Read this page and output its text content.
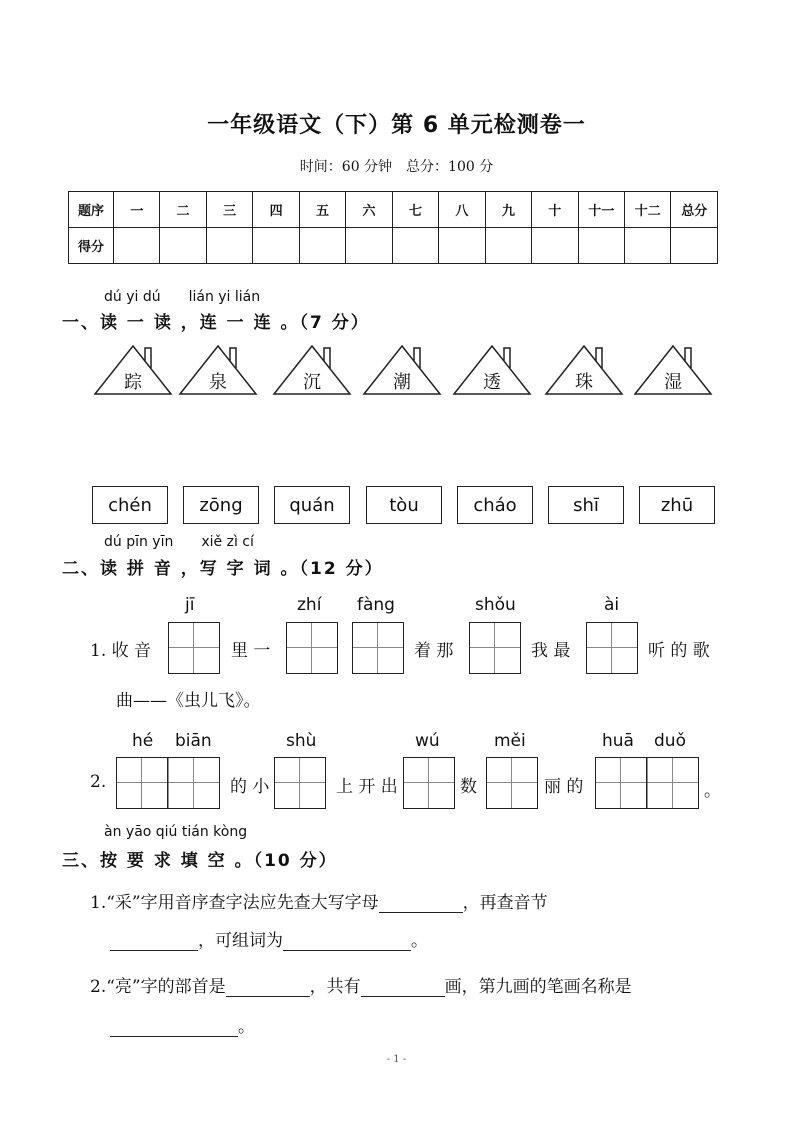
一年级语文（下）第 6 单元检测卷一
时间：60 分钟　总分：100 分
题序	一	二	三	四	五	六	七	八	九	十	十一	十二	总分
得分													
dú yi dú　　lián yi lián
一、读 一 读 ，连 一 连 。（7 分）
踪	泉	沉	潮	透	珠	湿
chén	zōng	quán	tòu	cháo	shī	zhū
dú pīn yīn　　xiě zì cí
二、读 拼 音 ，写 字 词 。（12 分）
jī	zhí fàng	shǒu	ài
1. 收 音	里 一	着 那	我 最	听 的 歌
曲——《虫儿飞》。
hé biān	shù	wú	měi	huā duǒ
2.	的 小	上 开 出	数	丽 的	。
àn yāo qiú tián kòng
三、按 要 求 填 空 。（10 分）
1.“采”字用音序查字法应先查大写字母	，再查音节
，可组词为	。
2.“亮”字的部首是	，共有	画，第九画的笔画名称是
。
- 1 -
